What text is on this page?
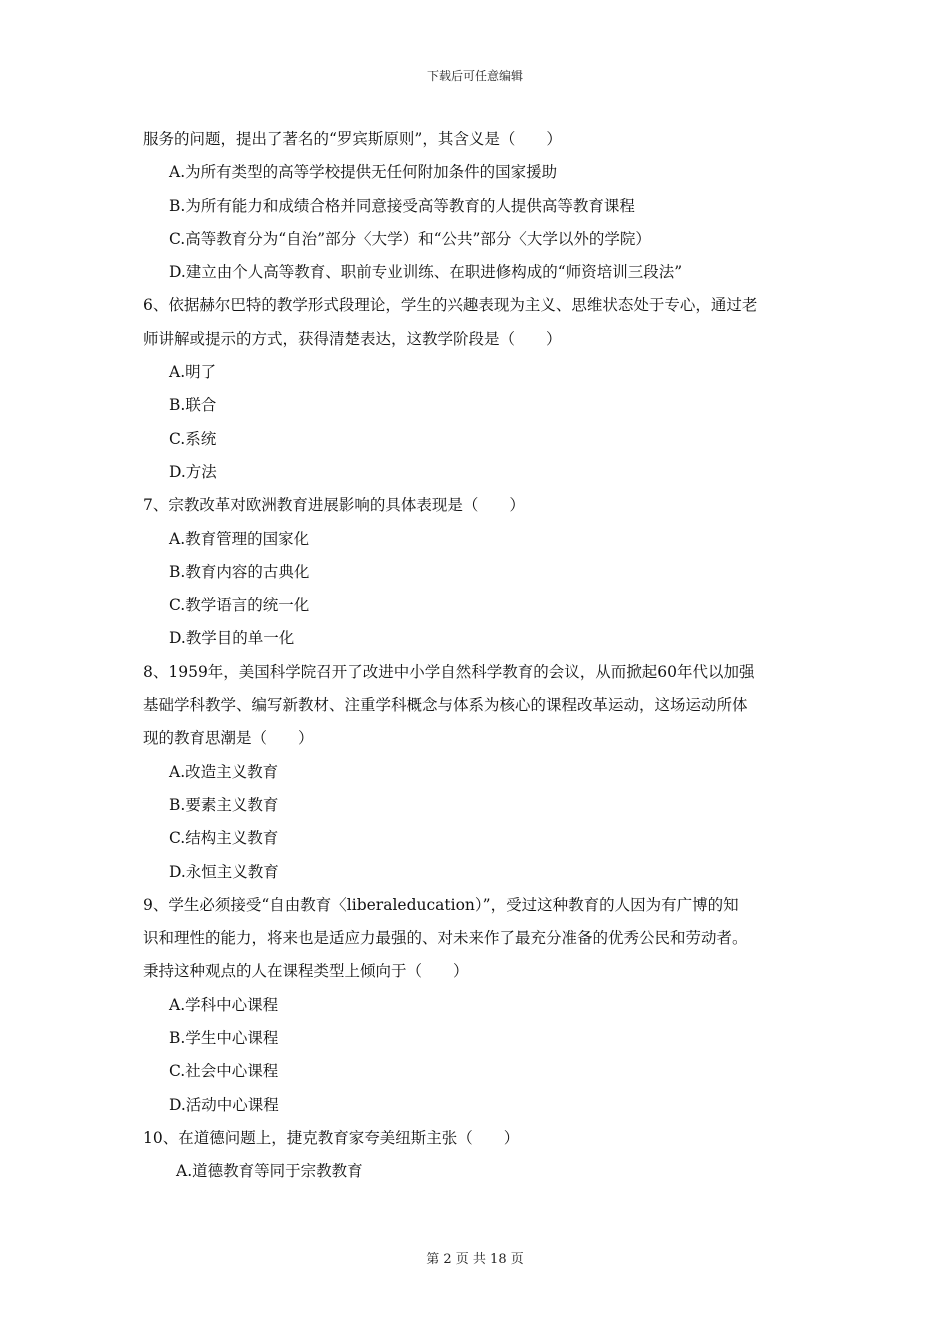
下载后可任意编辑
服务的问题，提出了著名的“罗宾斯原则”，其含义是（　　）
A.为所有类型的高等学校提供无任何附加条件的国家援助
B.为所有能力和成绩合格并同意接受高等教育的人提供高等教育课程
C.高等教育分为“自治”部分〈大学）和“公共”部分〈大学以外的学院）
D.建立由个人高等教育、职前专业训练、在职进修构成的“师资培训三段法”
6、依据赫尔巴特的教学形式段理论，学生的兴趣表现为主义、思维状态处于专心，通过老
师讲解或提示的方式，获得清楚表达，这教学阶段是（　　）
A.明了
B.联合
C.系统
D.方法
7、宗教改革对欧洲教育进展影响的具体表现是（　　）
A.教育管理的国家化
B.教育内容的古典化
C.教学语言的统一化
D.教学目的单一化
8、1959年，美国科学院召开了改进中小学自然科学教育的会议，从而掀起60年代以加强
基础学科教学、编写新教材、注重学科概念与体系为核心的课程改革运动，这场运动所体
现的教育思潮是（　　）
A.改造主义教育
B.要素主义教育
C.结构主义教育
D.永恒主义教育
9、学生必须接受“自由教育〈liberaleducation）”，受过这种教育的人因为有广博的知
识和理性的能力，将来也是适应力最强的、对未来作了最充分准备的优秀公民和劳动者。
秉持这种观点的人在课程类型上倾向于（　　）
A.学科中心课程
B.学生中心课程
C.社会中心课程
D.活动中心课程
10、在道德问题上，捷克教育家夸美纽斯主张（　　）
A.道德教育等同于宗教教育
第 2 页 共 18 页
